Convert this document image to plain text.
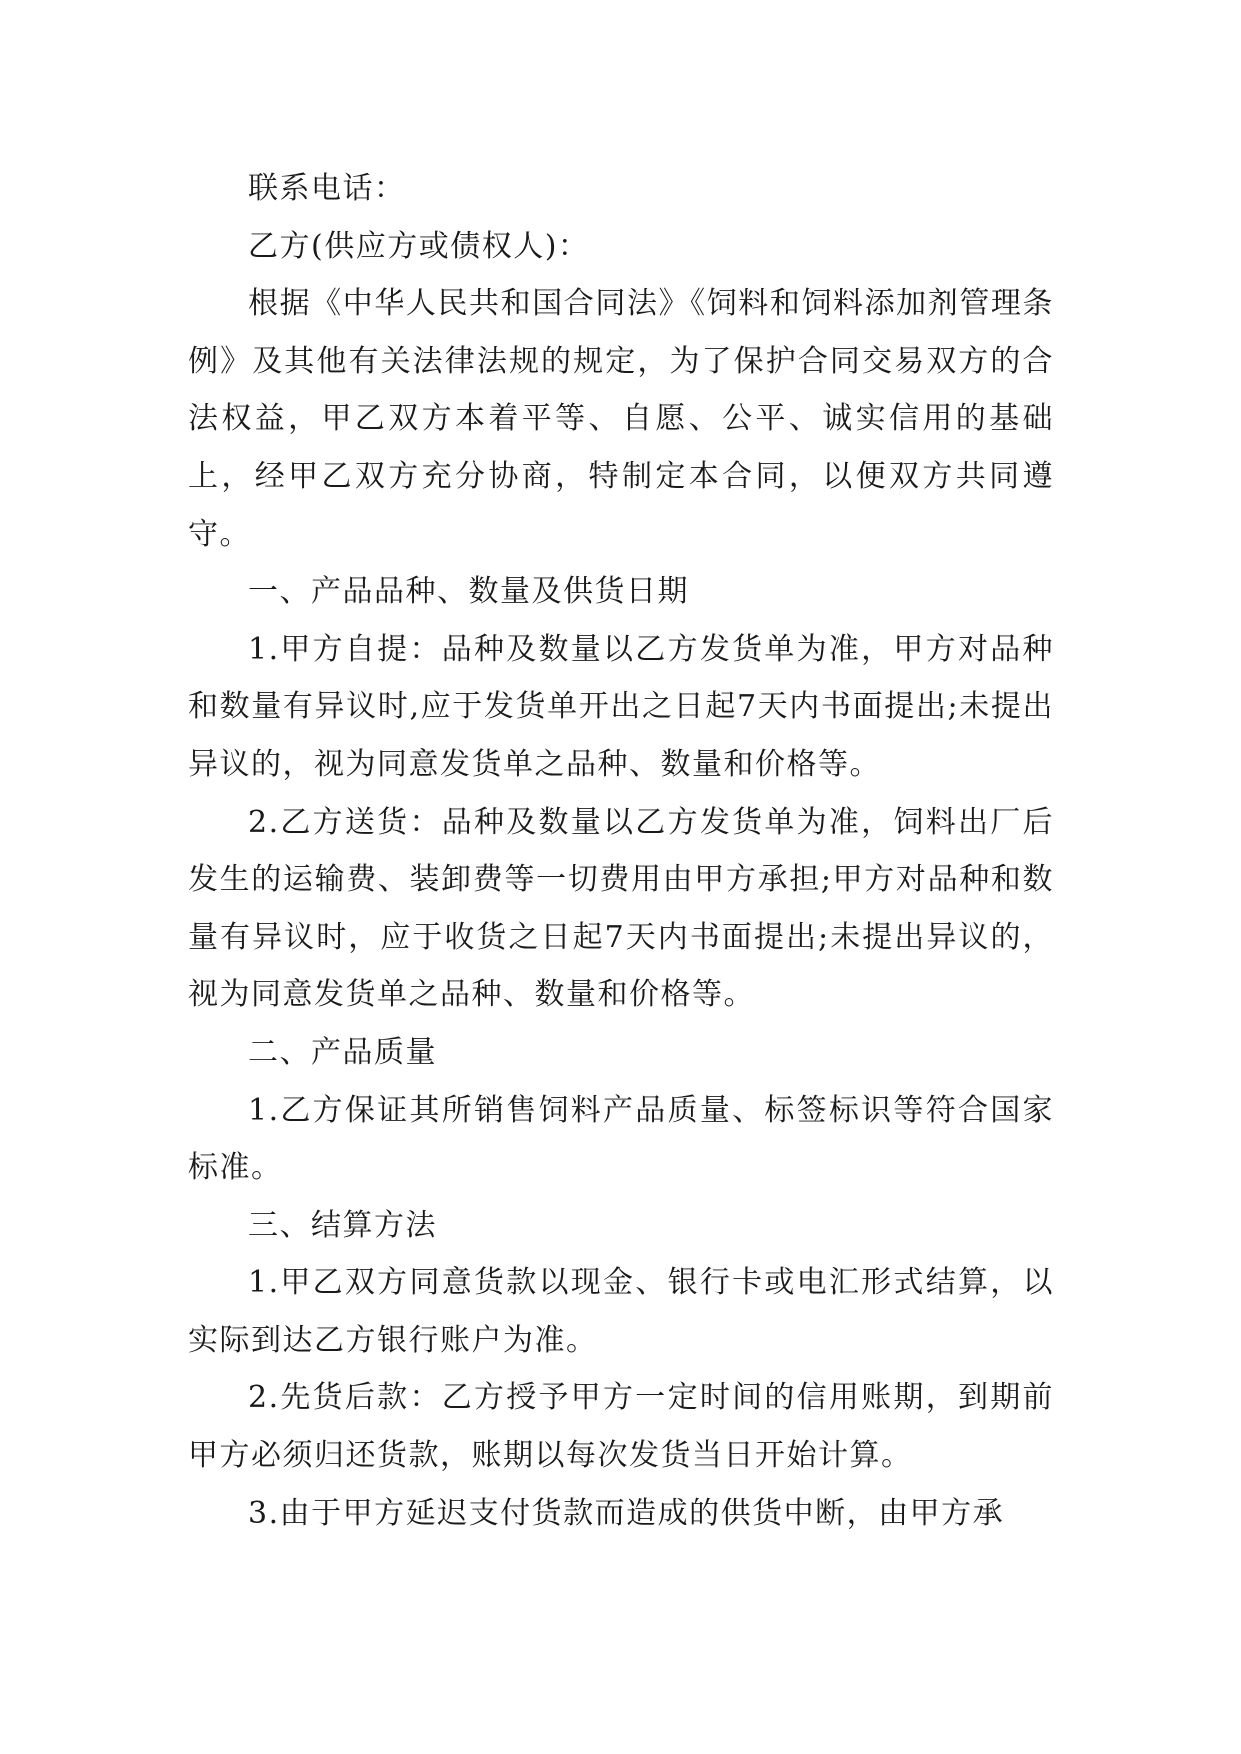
联系电话：

乙方(供应方或债权人)：

根据《中华人民共和国合同法》《饲料和饲料添加剂管理条例》及其他有关法律法规的规定，为了保护合同交易双方的合法权益，甲乙双方本着平等、自愿、公平、诚实信用的基础上，经甲乙双方充分协商，特制定本合同，以便双方共同遵守。

一、产品品种、数量及供货日期

1.甲方自提：品种及数量以乙方发货单为准，甲方对品种和数量有异议时,应于发货单开出之日起7天内书面提出;未提出异议的，视为同意发货单之品种、数量和价格等。

2.乙方送货：品种及数量以乙方发货单为准，饲料出厂后发生的运输费、装卸费等一切费用由甲方承担;甲方对品种和数量有异议时，应于收货之日起7天内书面提出;未提出异议的，视为同意发货单之品种、数量和价格等。

二、产品质量

1.乙方保证其所销售饲料产品质量、标签标识等符合国家标准。

三、结算方法

1.甲乙双方同意货款以现金、银行卡或电汇形式结算，以实际到达乙方银行账户为准。

2.先货后款：乙方授予甲方一定时间的信用账期，到期前甲方必须归还货款，账期以每次发货当日开始计算。

3.由于甲方延迟支付货款而造成的供货中断，由甲方承
